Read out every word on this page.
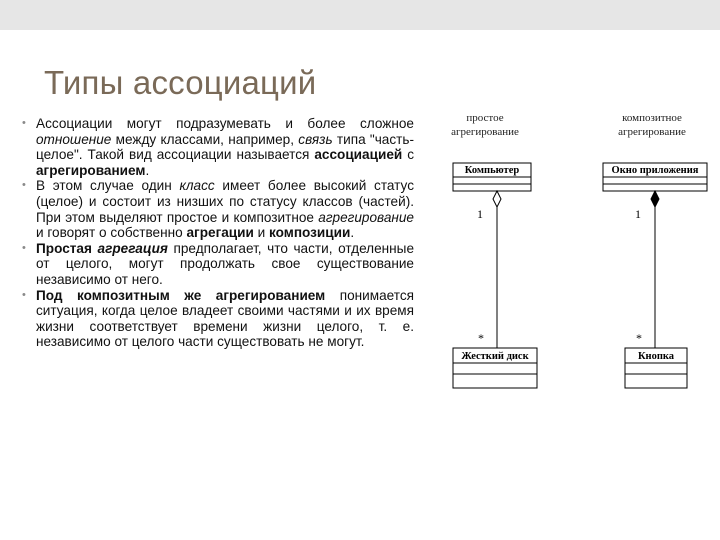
Типы ассоциаций
• Ассоциации могут подразумевать и более сложное отношение между классами, например, связь типа "часть-целое". Такой вид ассоциации называется ассоциацией с агрегированием.
• В этом случае один класс имеет более высокий статус (целое) и состоит из низших по статусу классов (частей). При этом выделяют простое и композитное агрегирование и говорят о собственно агрегации и композиции.
• Простая агрегация предполагает, что части, отделенные от целого, могут продолжать свое существование независимо от него.
• Под композитным же агрегированием понимается ситуация, когда целое владеет своими частями и их время жизни соответствует времени жизни целого, т. е. независимо от целого части существовать не могут.
простое
агрегирование
Компьютер
1
*
Жесткий диск
композитное
агрегирование
Окно приложения
1
*
Кнопка
